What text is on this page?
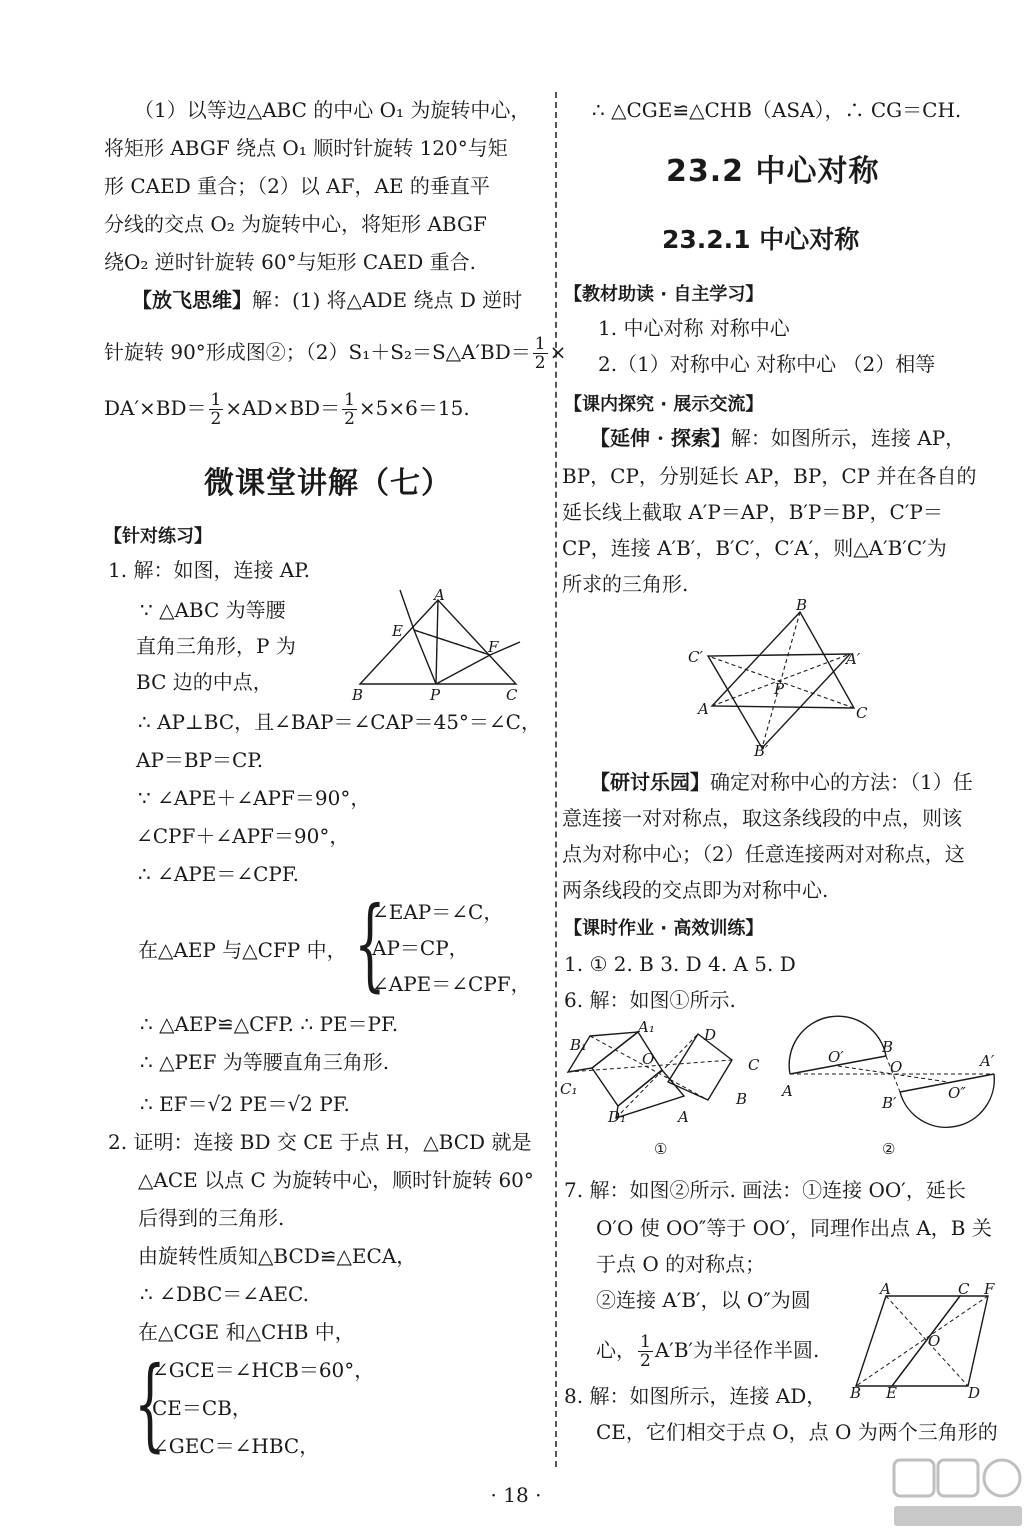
（1）以等边△ABC 的中心 O₁ 为旋转中心，
将矩形 ABGF 绕点 O₁ 顺时针旋转 120°与矩
形 CAED 重合；（2）以 AF，AE 的垂直平
分线的交点 O₂ 为旋转中心，将矩形 ABGF
绕O₂ 逆时针旋转 60°与矩形 CAED 重合.
【放飞思维】解：(1) 将△ADE 绕点 D 逆时
针旋转 90°形成图②；（2）S₁＋S₂＝S△A′BD＝ $\frac{1}{2}$ ×
$DA'\times BD= \frac{1}{2} \times AD\times BD= \frac{1}{2} \times 5\times 6=15$.
微课堂讲解（七）
【针对练习】
1. 解：如图，连接 AP.
∵ △ABC 为等腰
直角三角形，P 为
BC 边的中点，
A
E
F
B	P	C
∴ AP⊥BC，且∠BAP＝∠CAP＝45°＝∠C，
AP＝BP＝CP.
∵ ∠APE＋∠APF＝90°，
∠CPF＋∠APF＝90°，
∴ ∠APE＝∠CPF.
在△AEP 与△CFP 中， {
∠EAP＝∠C，
AP＝CP，
∠APE＝∠CPF，
∴ △AEP≌△CFP. ∴ PE＝PF.
∴ △PEF 为等腰直角三角形.
∴ EF＝√2 PE＝√2 PF.
2. 证明：连接 BD 交 CE 于点 H，△BCD 就是
△ACE 以点 C 为旋转中心，顺时针旋转 60°
后得到的三角形.
由旋转性质知△BCD≌△ECA，
∴ ∠DBC＝∠AEC.
在△CGE 和△CHB 中，
{
∠GCE＝∠HCB＝60°，
CE＝CB，
∠GEC＝∠HBC，
∴ △CGE≌△CHB（ASA），∴ CG＝CH.
23.2 中心对称
23.2.1 中心对称
【教材助读 · 自主学习】
1. 中心对称 对称中心
2.（1）对称中心 对称中心 （2）相等
【课内探究 · 展示交流】
【延伸 · 探索】解：如图所示，连接 AP，
BP，CP，分别延长 AP，BP，CP 并在各自的
延长线上截取 A′P＝AP，B′P＝BP，C′P＝
CP，连接 A′B′，B′C′，C′A′，则△A′B′C′为
所求的三角形.
B
C′	A′
P
A	C
B′
【研讨乐园】确定对称中心的方法：（1）任
意连接一对对称点，取这条线段的中点，则该
点为对称中心；（2）任意连接两对对称点，这
两条线段的交点即为对称中心.
【课时作业 · 高效训练】
1. ① 2. B 3. D 4. A 5. D
6. 解：如图①所示.
A₁	D
B₁
O	C
C₁
D₁	A
B
①
O′
B
O	A′
A
B′
O″
②
7. 解：如图②所示. 画法：①连接 OO′，延长
O′O 使 OO″等于 OO′，同理作出点 A，B 关
于点 O 的对称点；
②连接 A′B′，以 O″为圆
心， $\frac{1}{2} A'B'$为半径作半圆.
A	C F
O
B E	D
8. 解：如图所示，连接 AD，
CE，它们相交于点 O，点 O 为两个三角形的
· 18 ·
